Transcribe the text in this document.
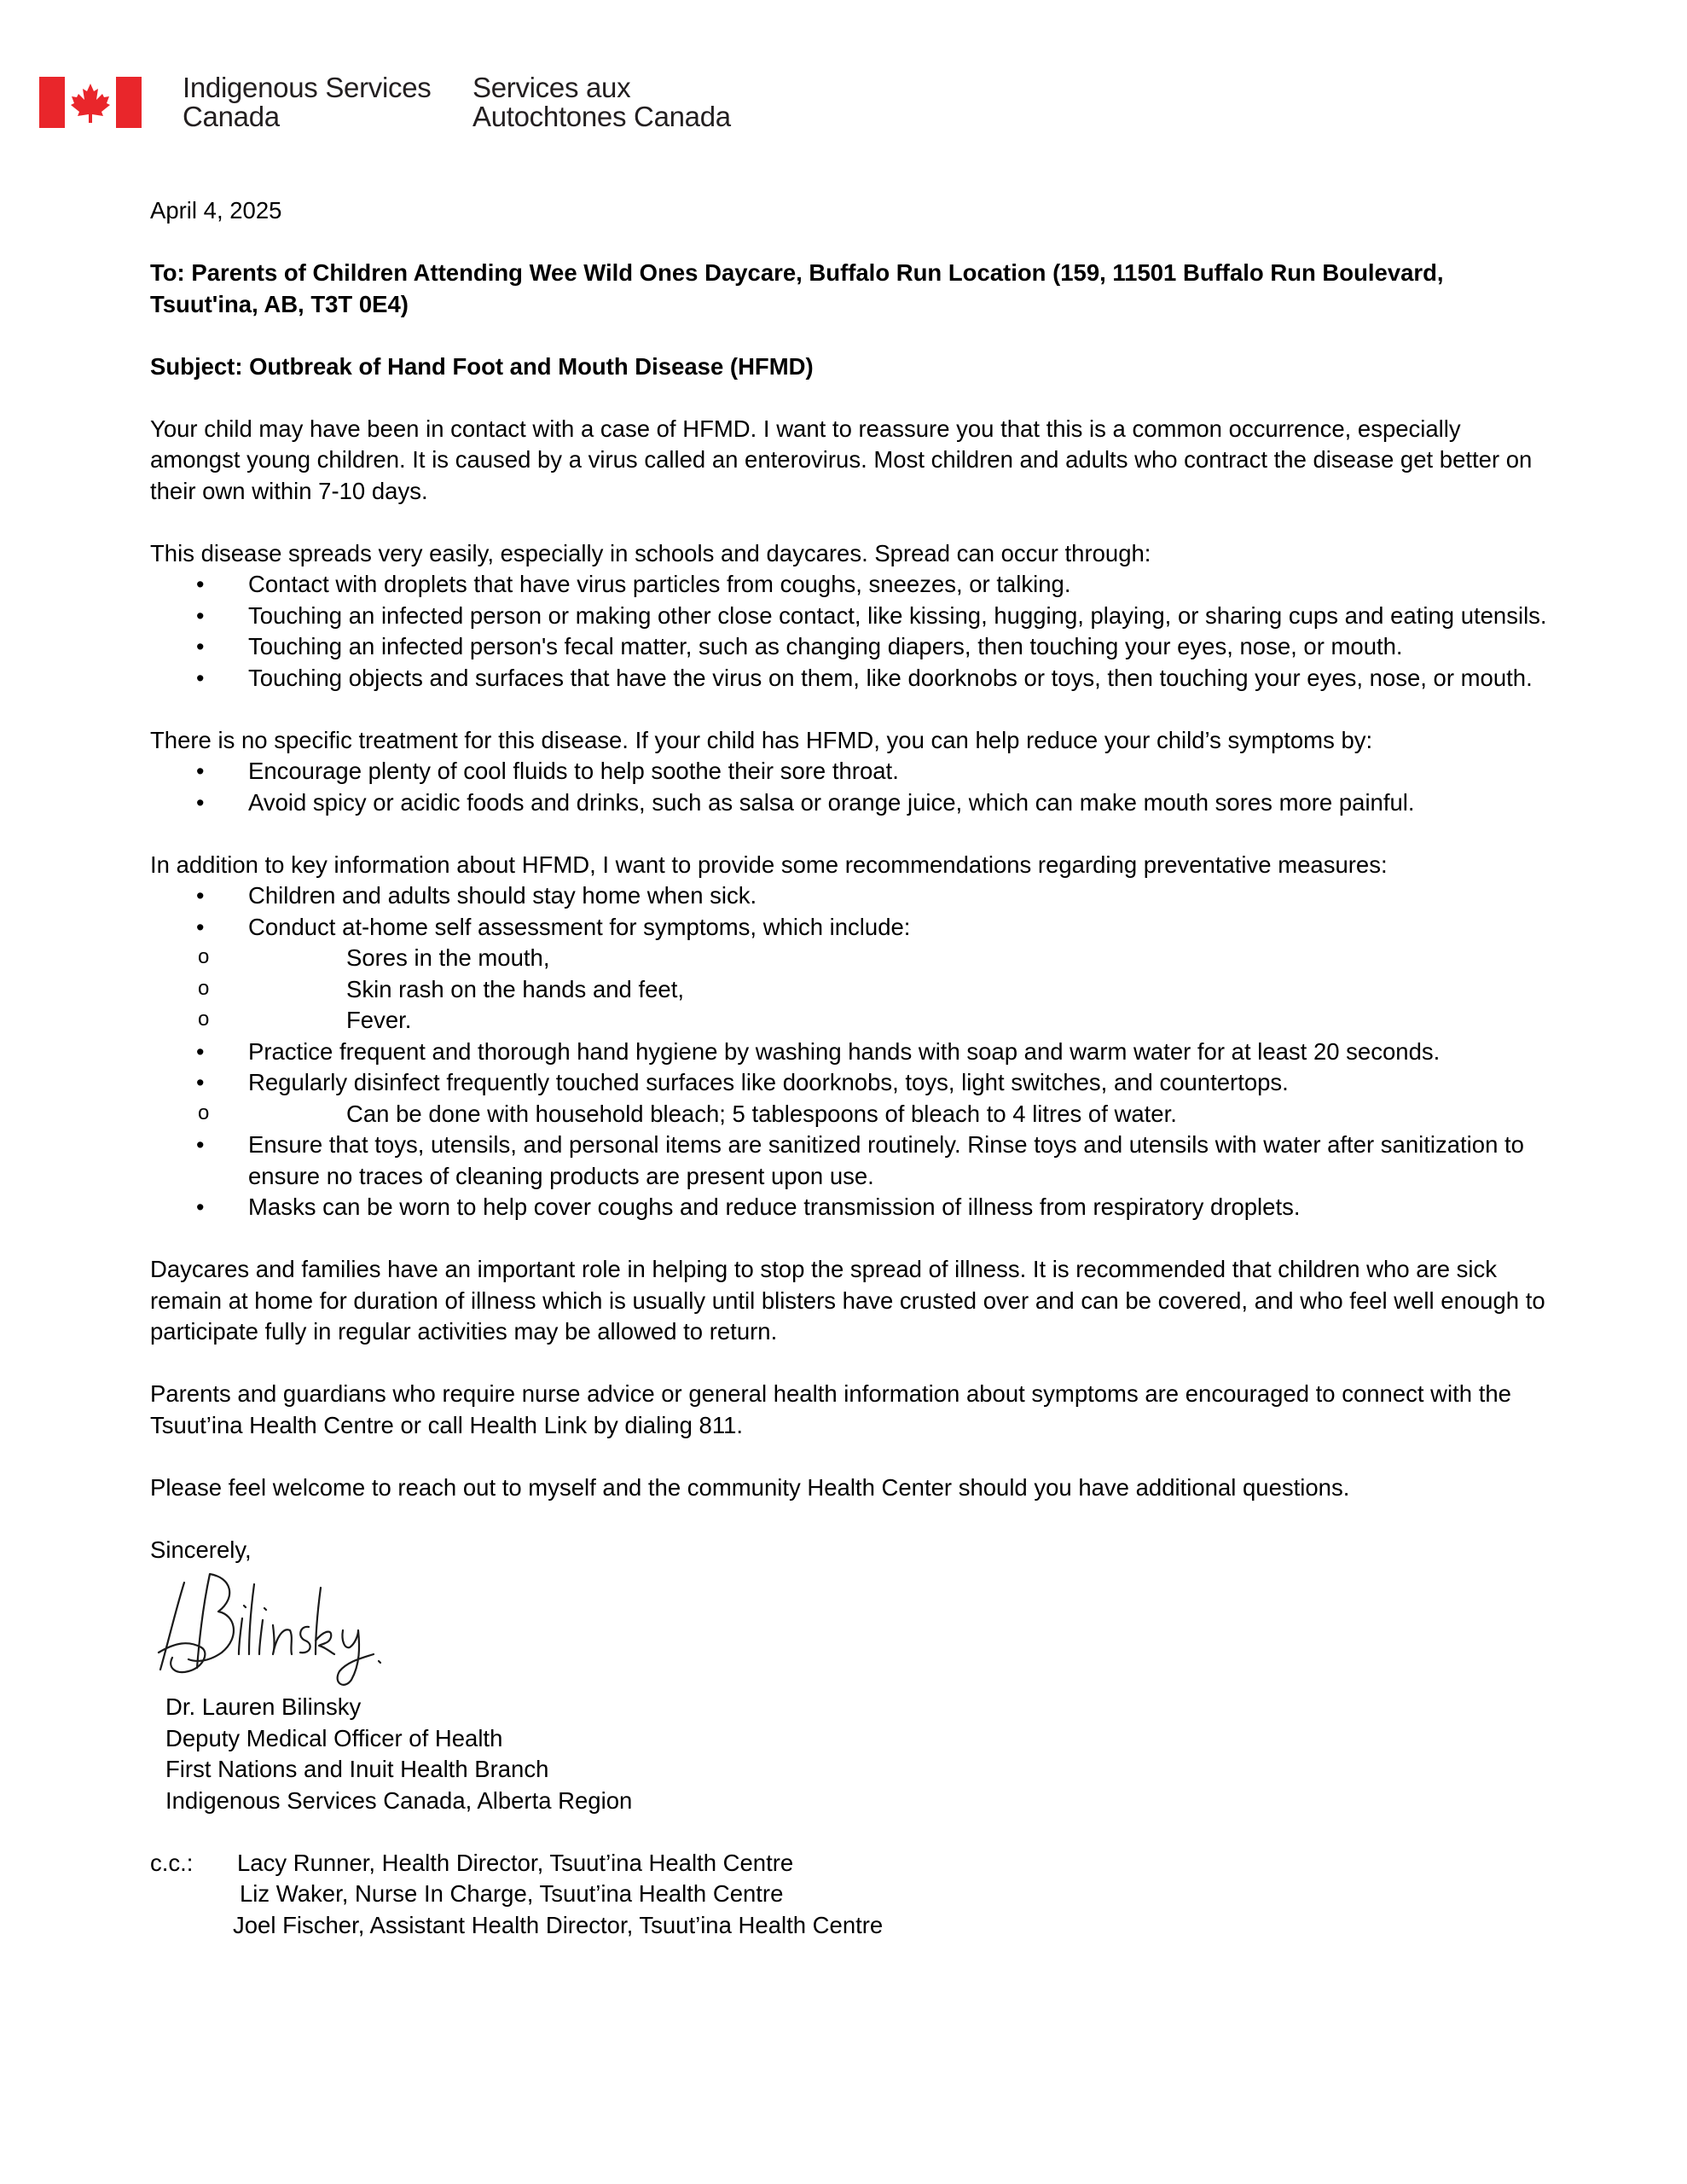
Indigenous Services
Canada
Services aux
Autochtones Canada

April 4, 2025

To: Parents of Children Attending Wee Wild Ones Daycare, Buffalo Run Location (159, 11501 Buffalo Run Boulevard, Tsuut'ina, AB, T3T 0E4)

Subject: Outbreak of Hand Foot and Mouth Disease (HFMD)

Your child may have been in contact with a case of HFMD. I want to reassure you that this is a common occurrence, especially amongst young children. It is caused by a virus called an enterovirus. Most children and adults who contract the disease get better on their own within 7-10 days.

This disease spreads very easily, especially in schools and daycares. Spread can occur through:

• Contact with droplets that have virus particles from coughs, sneezes, or talking.
• Touching an infected person or making other close contact, like kissing, hugging, playing, or sharing cups and eating utensils.
• Touching an infected person's fecal matter, such as changing diapers, then touching your eyes, nose, or mouth.
• Touching objects and surfaces that have the virus on them, like doorknobs or toys, then touching your eyes, nose, or mouth.

There is no specific treatment for this disease. If your child has HFMD, you can help reduce your child’s symptoms by:

• Encourage plenty of cool fluids to help soothe their sore throat.
• Avoid spicy or acidic foods and drinks, such as salsa or orange juice, which can make mouth sores more painful.

In addition to key information about HFMD, I want to provide some recommendations regarding preventative measures:

• Children and adults should stay home when sick.
• Conduct at-home self assessment for symptoms, which include:
o Sores in the mouth,
o Skin rash on the hands and feet,
o Fever.
• Practice frequent and thorough hand hygiene by washing hands with soap and warm water for at least 20 seconds.
• Regularly disinfect frequently touched surfaces like doorknobs, toys, light switches, and countertops.
o Can be done with household bleach; 5 tablespoons of bleach to 4 litres of water.
• Ensure that toys, utensils, and personal items are sanitized routinely. Rinse toys and utensils with water after sanitization to ensure no traces of cleaning products are present upon use.
• Masks can be worn to help cover coughs and reduce transmission of illness from respiratory droplets.

Daycares and families have an important role in helping to stop the spread of illness. It is recommended that children who are sick remain at home for duration of illness which is usually until blisters have crusted over and can be covered, and who feel well enough to participate fully in regular activities may be allowed to return.

Parents and guardians who require nurse advice or general health information about symptoms are encouraged to connect with the Tsuut’ina Health Centre or call Health Link by dialing 811.

Please feel welcome to reach out to myself and the community Health Center should you have additional questions.

Sincerely,

Dr. Lauren Bilinsky

Deputy Medical Officer of Health

First Nations and Inuit Health Branch

Indigenous Services Canada, Alberta Region

c.c.:	Lacy Runner, Health Director, Tsuut’ina Health Centre
Liz Waker, Nurse In Charge, Tsuut’ina Health Centre
Joel Fischer, Assistant Health Director, Tsuut’ina Health Centre
